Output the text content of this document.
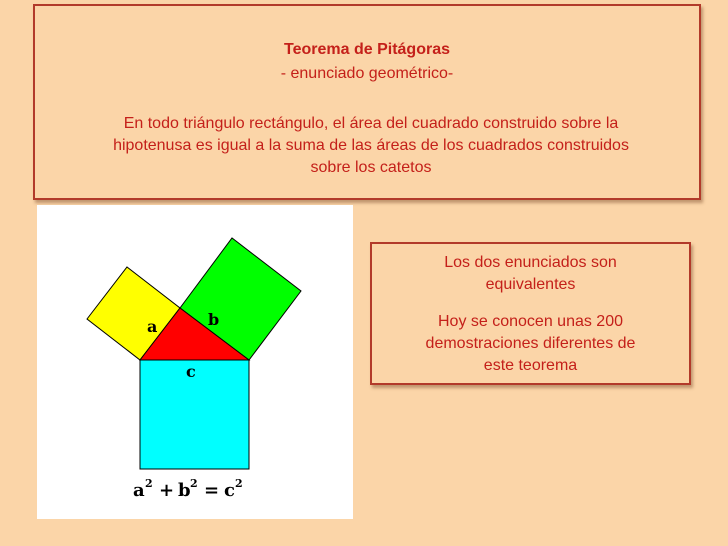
Teorema de Pitágoras
- enunciado geométrico-
En todo triángulo rectángulo, el área del cuadrado construido sobre la
hipotenusa es igual a la suma de las áreas de los cuadrados construidos
sobre los catetos
a	b
c
a 2 + b 2 = c 2
Los dos enunciados son
equivalentes
Hoy se conocen unas 200
demostraciones diferentes de
este teorema
